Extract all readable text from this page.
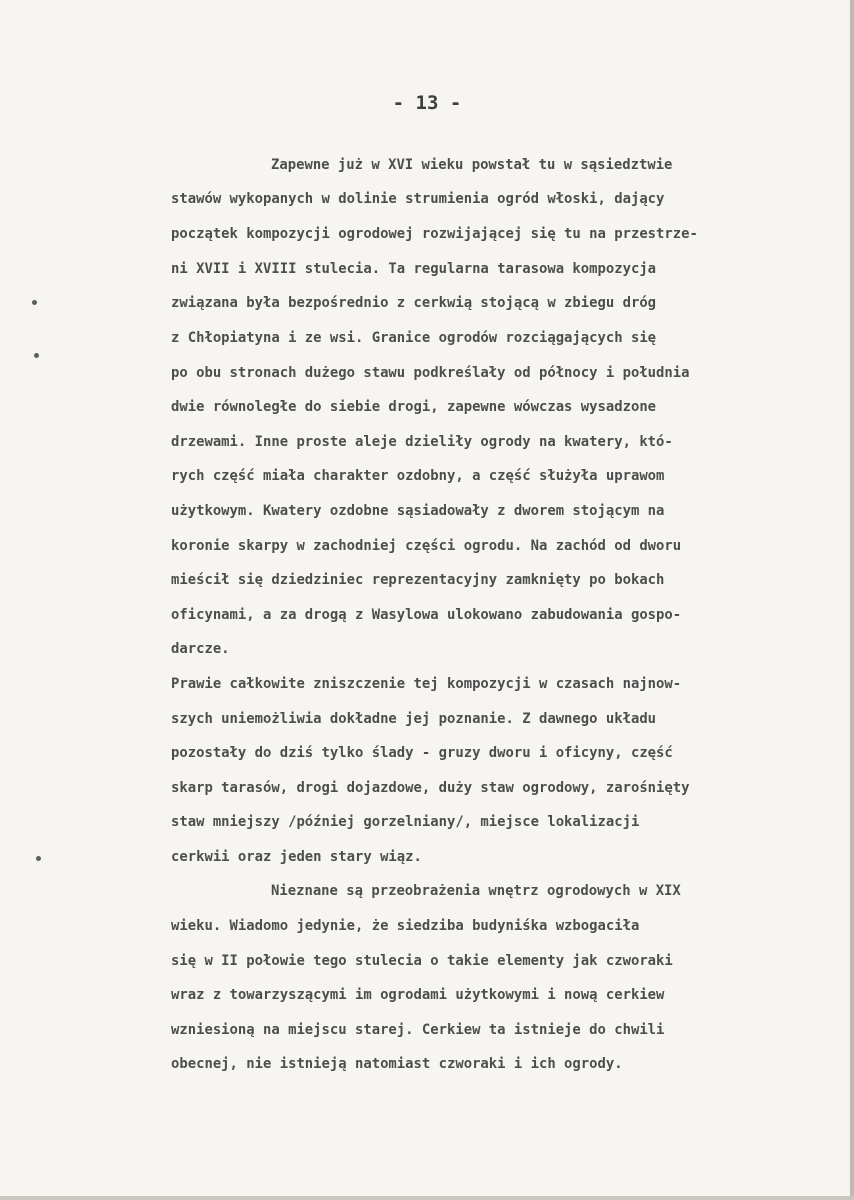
- 13 -
Zapewne już w XVI wieku powstał tu w sąsiedztwie
stawów wykopanych w dolinie strumienia ogród włoski, dający
początek kompozycji ogrodowej rozwijającej się tu na przestrze-
ni XVII i XVIII stulecia. Ta regularna tarasowa kompozycja
związana była bezpośrednio z cerkwią stojącą w zbiegu dróg
z Chłopiatyna i ze wsi. Granice ogrodów rozciągających się
po obu stronach dużego stawu podkreślały od północy i południa
dwie równoległe do siebie drogi, zapewne wówczas wysadzone
drzewami. Inne proste aleje dzieliły ogrody na kwatery, któ-
rych część miała charakter ozdobny, a część służyła uprawom
użytkowym. Kwatery ozdobne sąsiadowały z dworem stojącym na
koronie skarpy w zachodniej części ogrodu. Na zachód od dworu
mieścił się dziedziniec reprezentacyjny zamknięty po bokach
oficynami, a za drogą z Wasylowa ulokowano zabudowania gospo-
darcze.
Prawie całkowite zniszczenie tej kompozycji w czasach najnow-
szych uniemożliwia dokładne jej poznanie. Z dawnego układu
pozostały do dziś tylko ślady - gruzy dworu i oficyny, część
skarp tarasów, drogi dojazdowe, duży staw ogrodowy, zarośnięty
staw mniejszy /później gorzelniany/, miejsce lokalizacji
cerkwii oraz jeden stary wiąz.
Nieznane są przeobrażenia wnętrz ogrodowych w XIX
wieku. Wiadomo jedynie, że siedziba budyniśka wzbogaciła
się w II połowie tego stulecia o takie elementy jak czworaki
wraz z towarzyszącymi im ogrodami użytkowymi i nową cerkiew
wzniesioną na miejscu starej. Cerkiew ta istnieje do chwili
obecnej, nie istnieją natomiast czworaki i ich ogrody.
